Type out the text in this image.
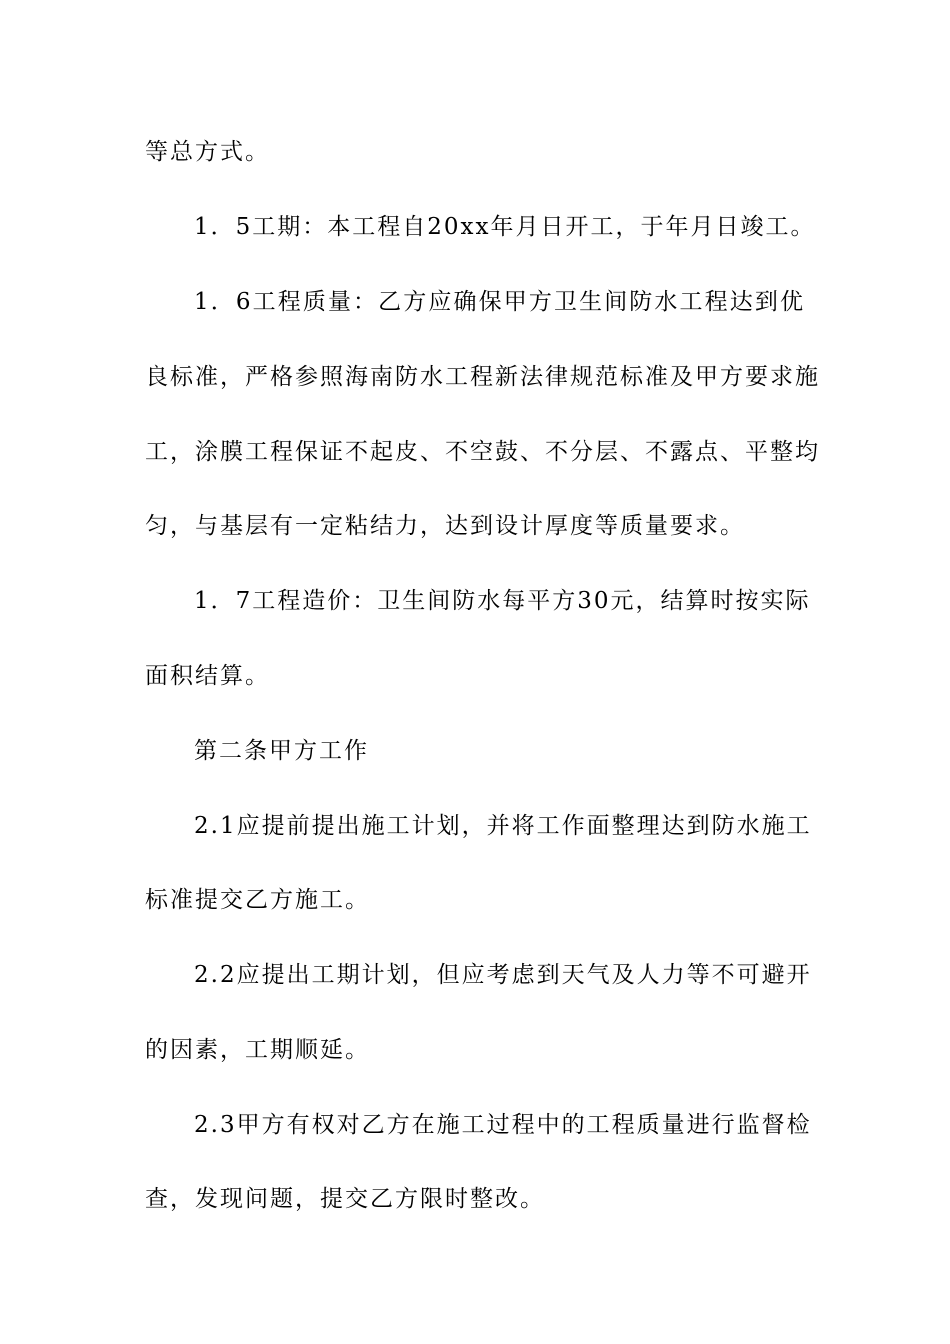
等总方式。
1．5工期：本工程自20xx年月日开工，于年月日竣工。
1．6工程质量：乙方应确保甲方卫生间防水工程达到优
良标准，严格参照海南防水工程新法律规范标准及甲方要求施
工，涂膜工程保证不起皮、不空鼓、不分层、不露点、平整均
匀，与基层有一定粘结力，达到设计厚度等质量要求。
1．7工程造价：卫生间防水每平方30元，结算时按实际
面积结算。
第二条甲方工作
2.1应提前提出施工计划，并将工作面整理达到防水施工
标准提交乙方施工。
2.2应提出工期计划，但应考虑到天气及人力等不可避开
的因素，工期顺延。
2.3甲方有权对乙方在施工过程中的工程质量进行监督检
查，发现问题，提交乙方限时整改。
